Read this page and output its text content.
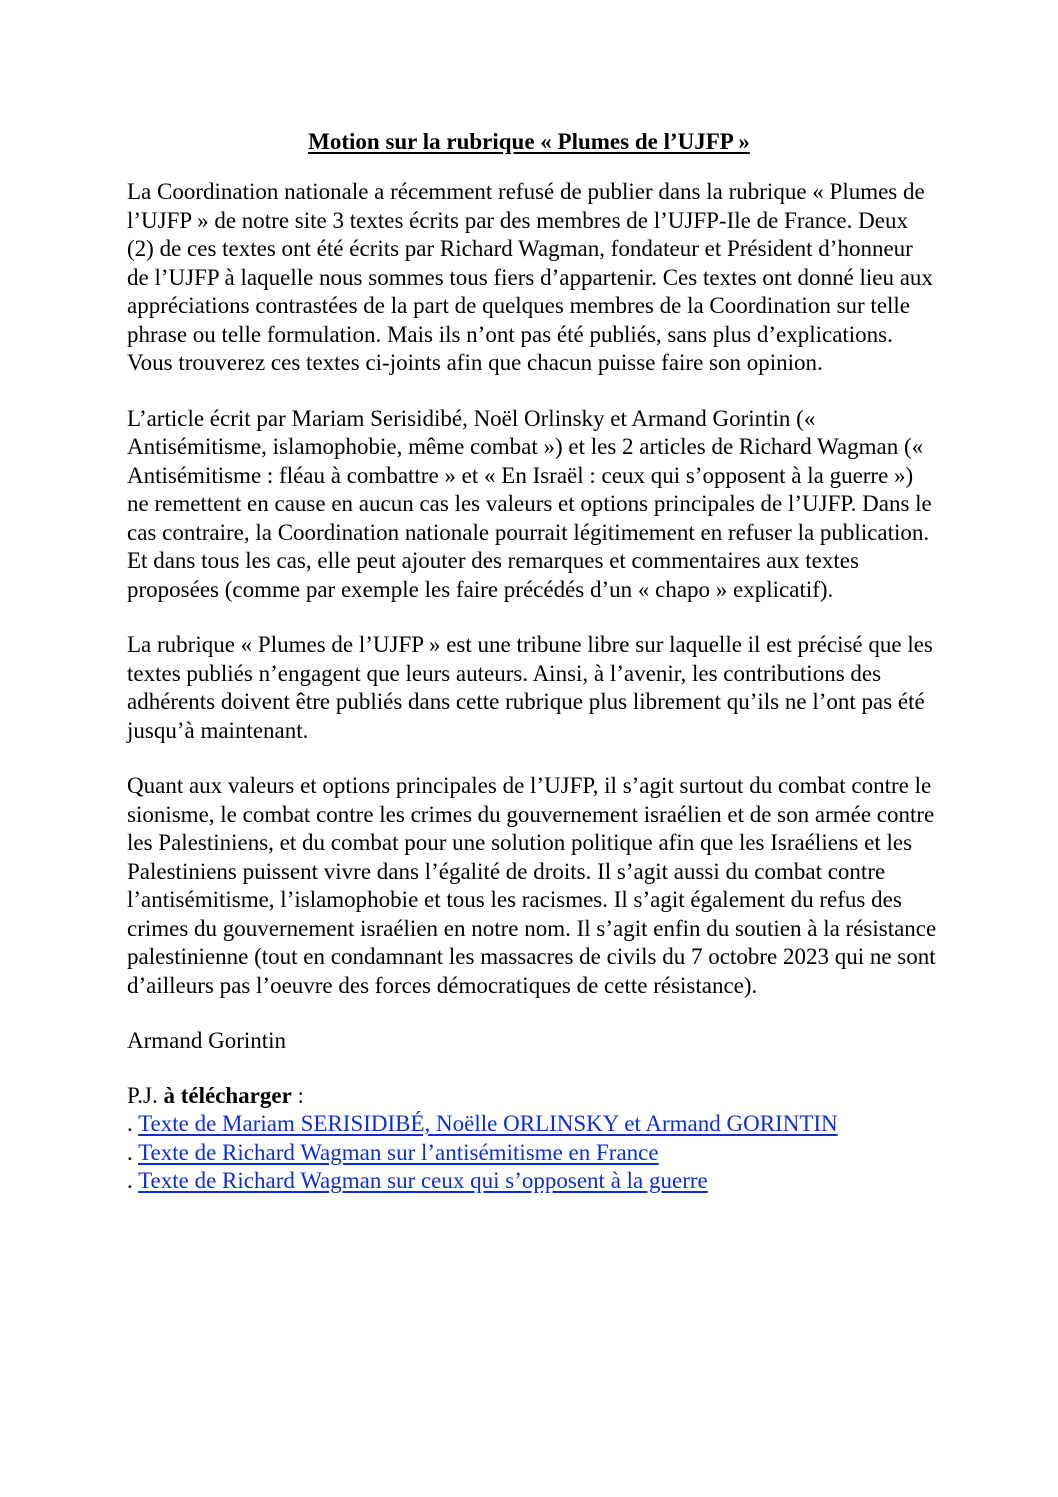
Motion sur la rubrique « Plumes de l’UJFP »

La Coordination nationale a récemment refusé de publier dans la rubrique « Plumes de l’UJFP » de notre site 3 textes écrits par des membres de l’UJFP-Ile de France. Deux (2) de ces textes ont été écrits par Richard Wagman, fondateur et Président d’honneur de l’UJFP à laquelle nous sommes tous fiers d’appartenir. Ces textes ont donné lieu aux appréciations contrastées de la part de quelques membres de la Coordination sur telle phrase ou telle formulation. Mais ils n’ont pas été publiés, sans plus d’explications. Vous trouverez ces textes ci-joints afin que chacun puisse faire son opinion.

L’article écrit par Mariam Serisidibé, Noël Orlinsky et Armand Gorintin (« Antisémitisme, islamophobie, même combat ») et les 2 articles de Richard Wagman (« Antisémitisme : fléau à combattre » et « En Israël : ceux qui s’opposent à la guerre ») ne remettent en cause en aucun cas les valeurs et options principales de l’UJFP. Dans le cas contraire, la Coordination nationale pourrait légitimement en refuser la publication. Et dans tous les cas, elle peut ajouter des remarques et commentaires aux textes proposées (comme par exemple les faire précédés d’un « chapo » explicatif).

La rubrique « Plumes de l’UJFP » est une tribune libre sur laquelle il est précisé que les textes publiés n’engagent que leurs auteurs. Ainsi, à l’avenir, les contributions des adhérents doivent être publiés dans cette rubrique plus librement qu’ils ne l’ont pas été jusqu’à maintenant.

Quant aux valeurs et options principales de l’UJFP, il s’agit surtout du combat contre le sionisme, le combat contre les crimes du gouvernement israélien et de son armée contre les Palestiniens, et du combat pour une solution politique afin que les Israéliens et les Palestiniens puissent vivre dans l’égalité de droits. Il s’agit aussi du combat contre l’antisémitisme, l’islamophobie et tous les racismes. Il s’agit également du refus des crimes du gouvernement israélien en notre nom. Il s’agit enfin du soutien à la résistance palestinienne (tout en condamnant les massacres de civils du 7 octobre 2023 qui ne sont d’ailleurs pas l’oeuvre des forces démocratiques de cette résistance).

Armand Gorintin

P.J. à télécharger :
. Texte de Mariam SERISIDIBÉ, Noëlle ORLINSKY et Armand GORINTIN
. Texte de Richard Wagman sur l’antisémitisme en France
. Texte de Richard Wagman sur ceux qui s’opposent à la guerre
